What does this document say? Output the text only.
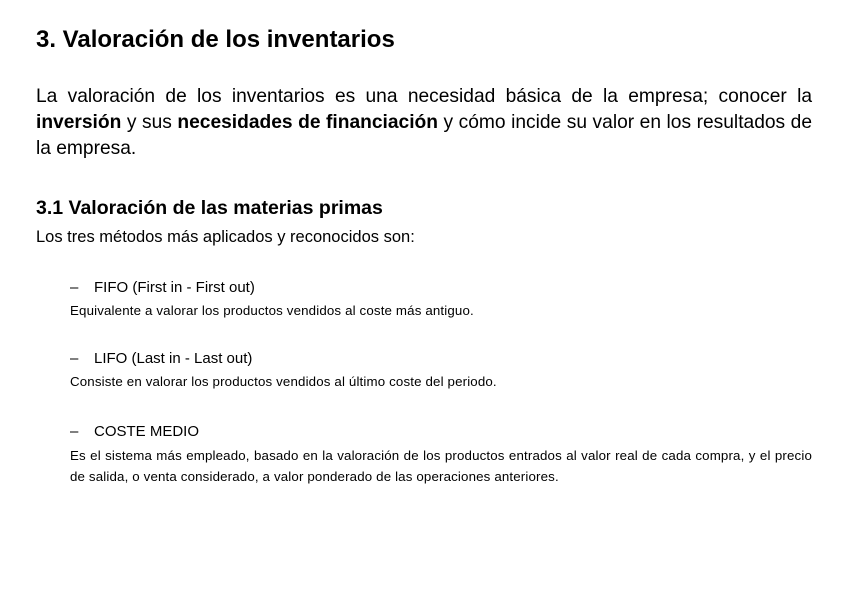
3. Valoración de los inventarios

La valoración de los inventarios es una necesidad básica de la empresa; conocer la inversión y sus necesidades de financiación y cómo incide su valor en los resultados de la empresa.

3.1 Valoración de las materias primas

Los tres métodos más aplicados y reconocidos son:

– FIFO (First in - First out)

Equivalente a valorar los productos vendidos al coste más antiguo.

– LIFO (Last in - Last out)

Consiste en valorar los productos vendidos al último coste del periodo.

– COSTE MEDIO

Es el sistema más empleado, basado en la valoración de los productos entrados al valor real de cada compra, y el precio de salida, o venta considerado, a valor ponderado de las operaciones anteriores.
